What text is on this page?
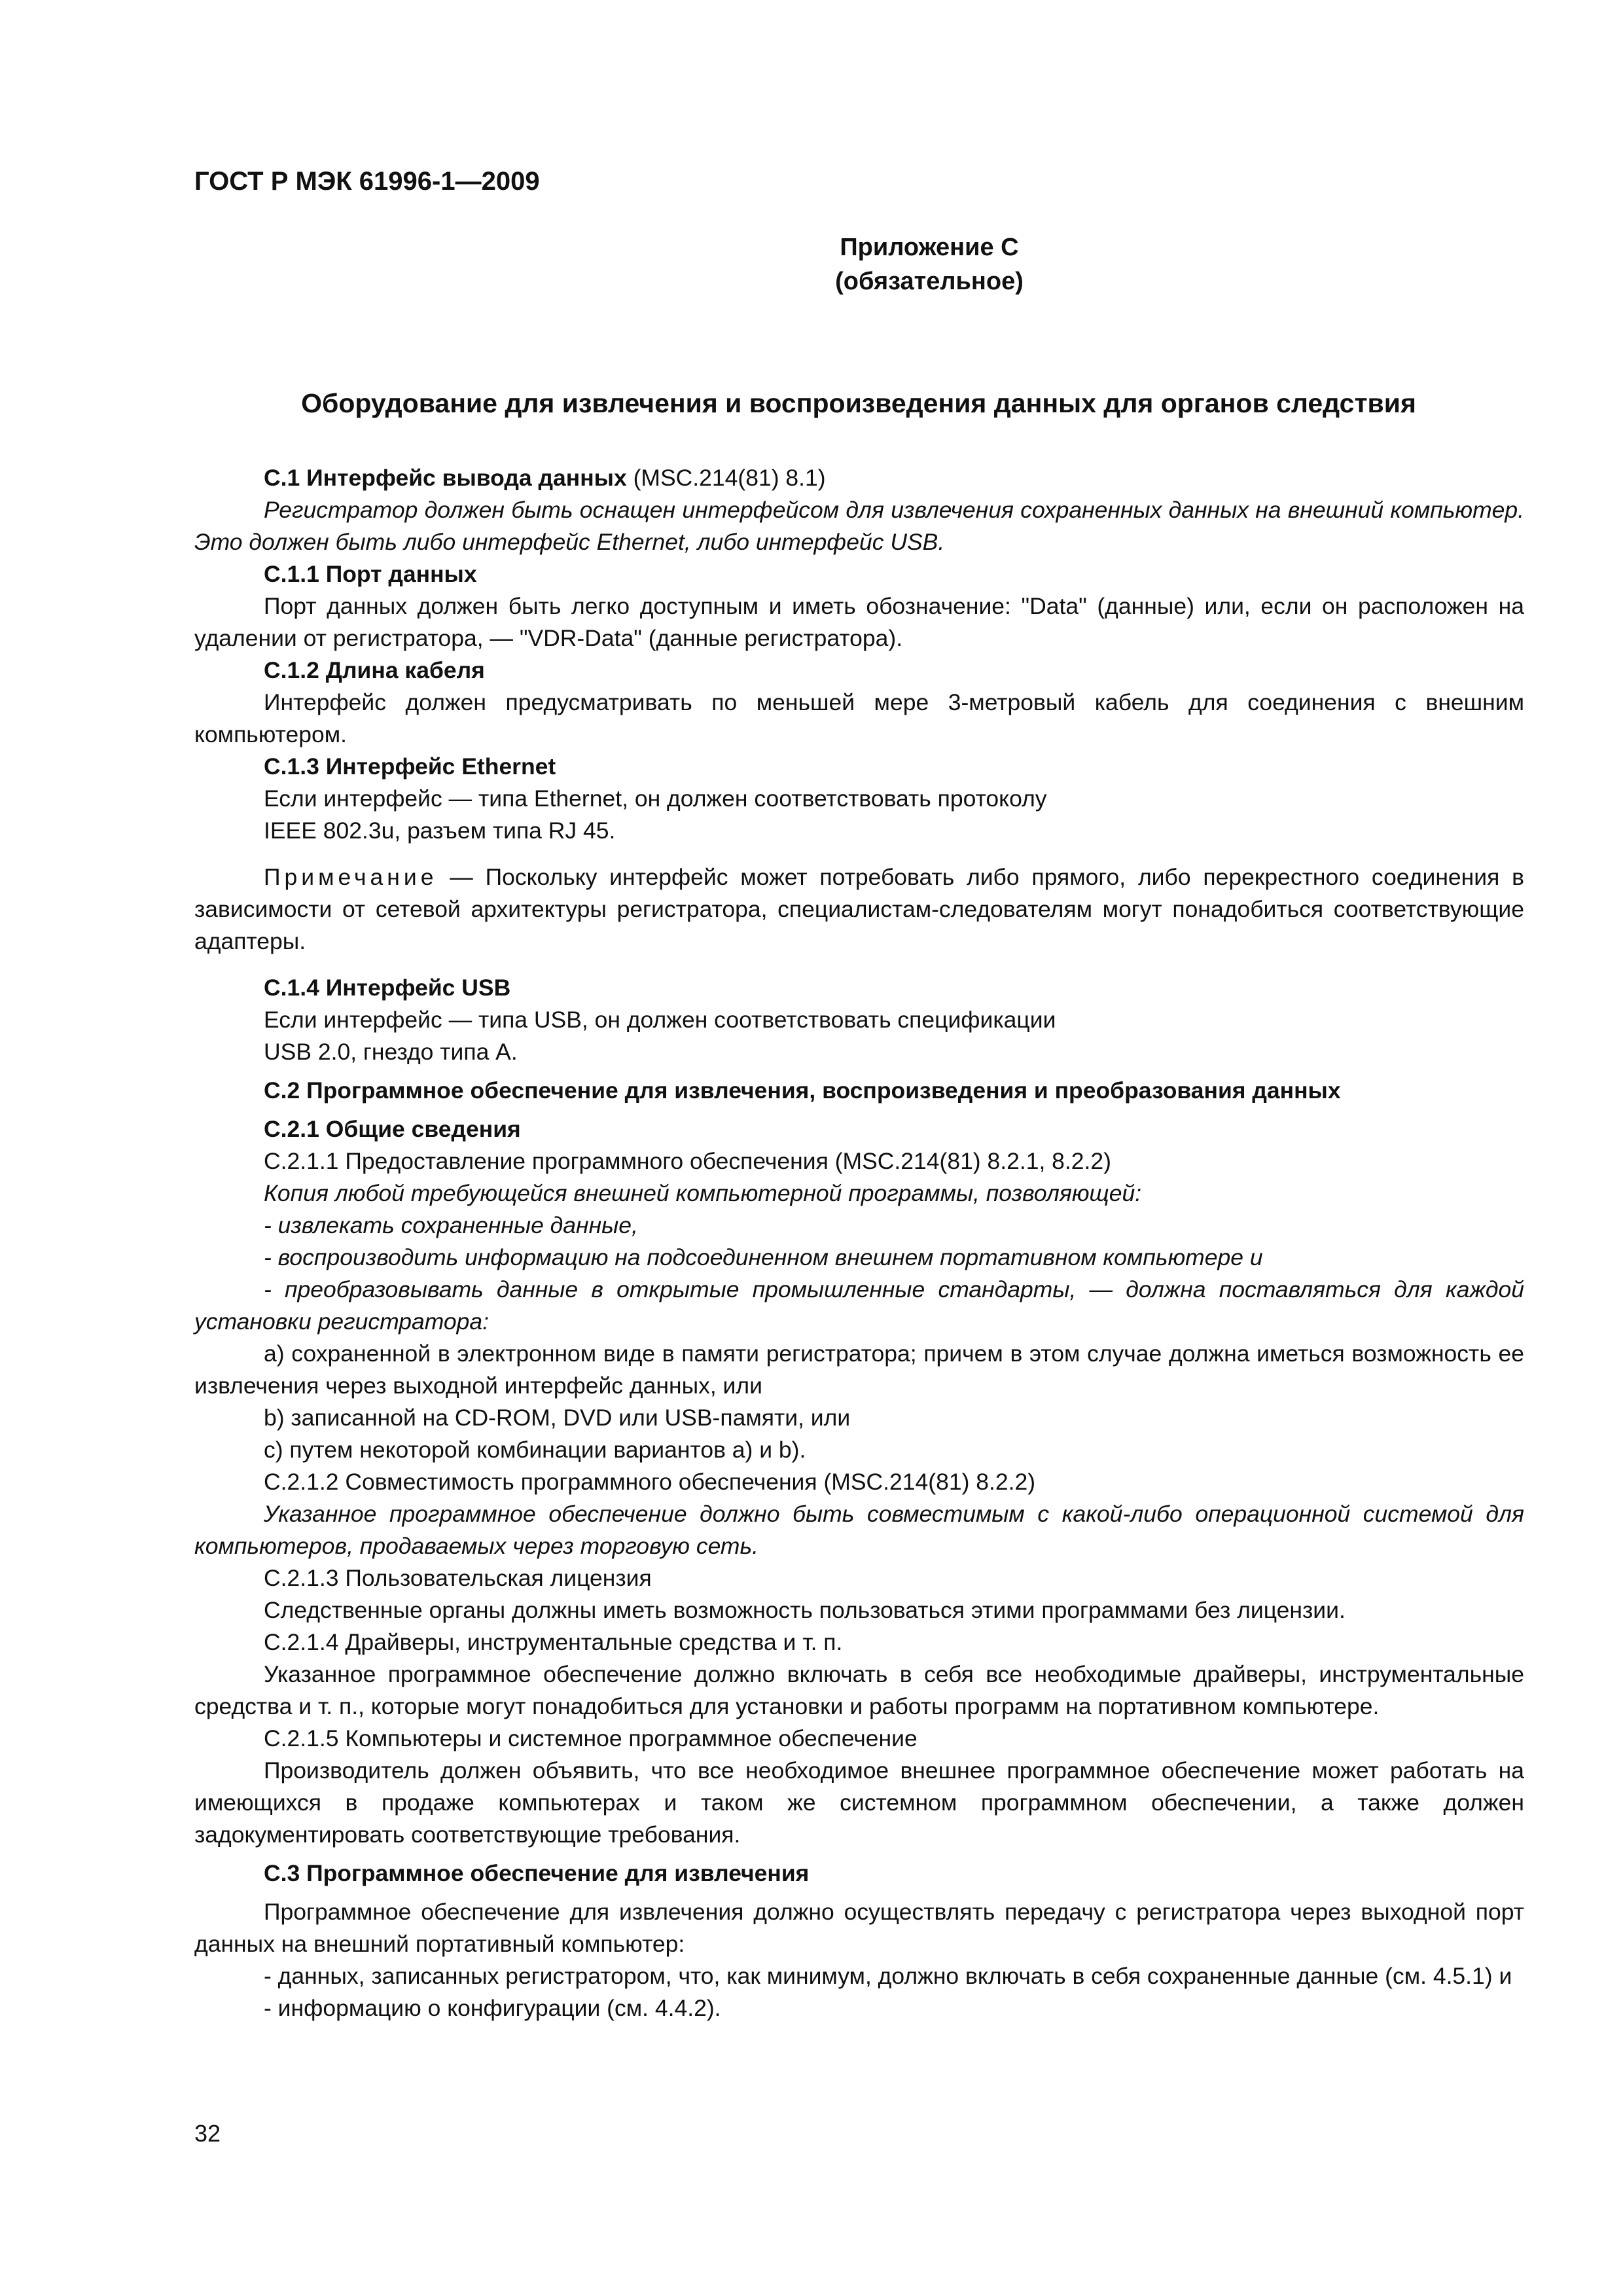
ГОСТ Р МЭК 61996-1—2009
Приложение С
(обязательное)
Оборудование для извлечения и воспроизведения данных для органов следствия

С.1 Интерфейс вывода данных (MSC.214(81) 8.1)

Регистратор должен быть оснащен интерфейсом для извлечения сохраненных данных на внешний компьютер. Это должен быть либо интерфейс Ethernet, либо интерфейс USB.

С.1.1 Порт данных

Порт данных должен быть легко доступным и иметь обозначение: "Data" (данные) или, если он расположен на удалении от регистратора, — "VDR-Data" (данные регистратора).

С.1.2 Длина кабеля

Интерфейс должен предусматривать по меньшей мере 3-метровый кабель для соединения с внешним компьютером.

С.1.3 Интерфейс Ethernet

Если интерфейс — типа Ethernet, он должен соответствовать протоколу

IEEE 802.3u, разъем типа RJ 45.

Примечание — Поскольку интерфейс может потребовать либо прямого, либо перекрестного соединения в зависимости от сетевой архитектуры регистратора, специалистам-следователям могут понадобиться соответствующие адаптеры.

С.1.4 Интерфейс USB

Если интерфейс — типа USB, он должен соответствовать спецификации

USB 2.0, гнездо типа A.

С.2 Программное обеспечение для извлечения, воспроизведения и преобразования данных

С.2.1 Общие сведения

С.2.1.1 Предоставление программного обеспечения (MSC.214(81) 8.2.1, 8.2.2)

Копия любой требующейся внешней компьютерной программы, позволяющей:

- извлекать сохраненные данные,

- воспроизводить информацию на подсоединенном внешнем портативном компьютере и

- преобразовывать данные в открытые промышленные стандарты, — должна поставляться для каждой установки регистратора:

a) сохраненной в электронном виде в памяти регистратора; причем в этом случае должна иметься возможность ее извлечения через выходной интерфейс данных, или

b) записанной на CD-ROM, DVD или USB-памяти, или

c) путем некоторой комбинации вариантов a) и b).

С.2.1.2 Совместимость программного обеспечения (MSC.214(81) 8.2.2)

Указанное программное обеспечение должно быть совместимым с какой-либо операционной системой для компьютеров, продаваемых через торговую сеть.

С.2.1.3 Пользовательская лицензия

Следственные органы должны иметь возможность пользоваться этими программами без лицензии.

С.2.1.4 Драйверы, инструментальные средства и т. п.

Указанное программное обеспечение должно включать в себя все необходимые драйверы, инструментальные средства и т. п., которые могут понадобиться для установки и работы программ на портативном компьютере.

С.2.1.5 Компьютеры и системное программное обеспечение

Производитель должен объявить, что все необходимое внешнее программное обеспечение может работать на имеющихся в продаже компьютерах и таком же системном программном обеспечении, а также должен задокументировать соответствующие требования.

С.3 Программное обеспечение для извлечения

Программное обеспечение для извлечения должно осуществлять передачу с регистратора через выходной порт данных на внешний портативный компьютер:

- данных, записанных регистратором, что, как минимум, должно включать в себя сохраненные данные (см. 4.5.1) и

- информацию о конфигурации (см. 4.4.2).

32
